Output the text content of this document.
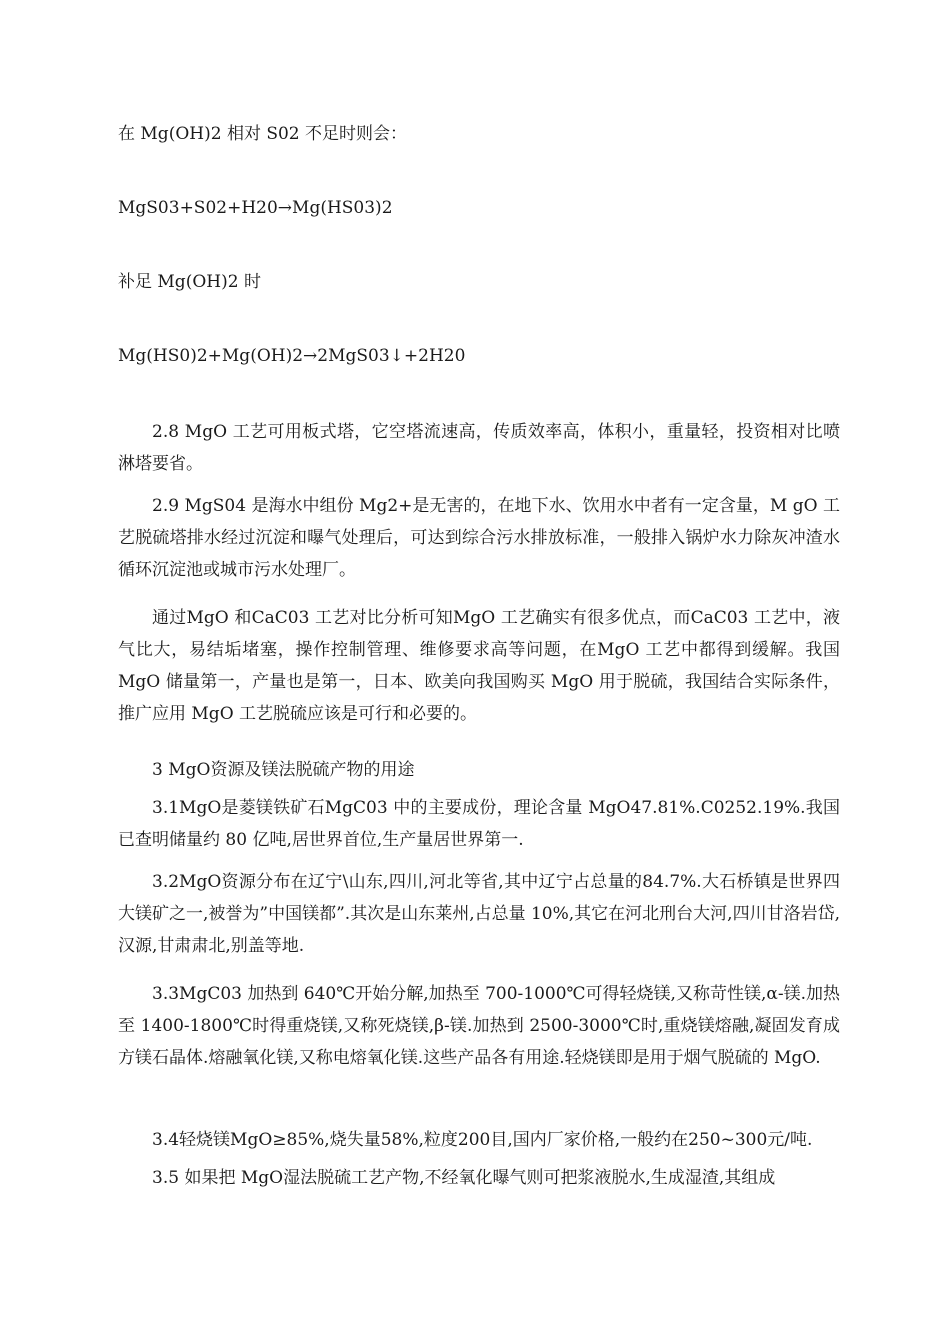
在 Mg(OH)2 相对 S02 不足时则会：
MgS03+S02+H20→Mg(HS03)2
补足 Mg(OH)2 时
Mg(HS0)2+Mg(OH)2→2MgS03↓+2H20

2.8 MgO 工艺可用板式塔，它空塔流速高，传质效率高，体积小，重量轻，投资相对比喷淋塔要省。

2.9 MgS04 是海水中组份 Mg2+是无害的，在地下水、饮用水中者有一定含量，M gO 工艺脱硫塔排水经过沉淀和曝气处理后，可达到综合污水排放标准，一般排入锅炉水力除灰冲渣水循环沉淀池或城市污水处理厂。

通过MgO 和CaC03 工艺对比分析可知MgO 工艺确实有很多优点，而CaC03 工艺中，液气比大，易结垢堵塞，操作控制管理、维修要求高等问题，在MgO 工艺中都得到缓解。我国 MgO 储量第一，产量也是第一，日本、欧美向我国购买 MgO 用于脱硫，我国结合实际条件，推广应用 MgO 工艺脱硫应该是可行和必要的。

3 MgO资源及镁法脱硫产物的用途

3.1MgO是菱镁铁矿石MgC03 中的主要成份，理论含量 MgO47.81%.C0252.19%.我国已查明储量约 80 亿吨,居世界首位,生产量居世界第一.

3.2MgO资源分布在辽宁\山东,四川,河北等省,其中辽宁占总量的84.7%.大石桥镇是世界四大镁矿之一,被誉为”中国镁都”.其次是山东莱州,占总量 10%,其它在河北刑台大河,四川甘洛岩岱,汉源,甘肃肃北,别盖等地.

3.3MgC03 加热到 640℃开始分解,加热至 700-1000℃可得轻烧镁,又称苛性镁,α-镁.加热至 1400-1800℃时得重烧镁,又称死烧镁,β-镁.加热到 2500-3000℃时,重烧镁熔融,凝固发育成方镁石晶体.熔融氧化镁,又称电熔氧化镁.这些产品各有用途.轻烧镁即是用于烟气脱硫的 MgO.

3.4轻烧镁MgO≥85%,烧失量58%,粒度200目,国内厂家价格,一般约在250~300元/吨.

3.5 如果把 MgO湿法脱硫工艺产物,不经氧化曝气则可把浆液脱水,生成湿渣,其组成
